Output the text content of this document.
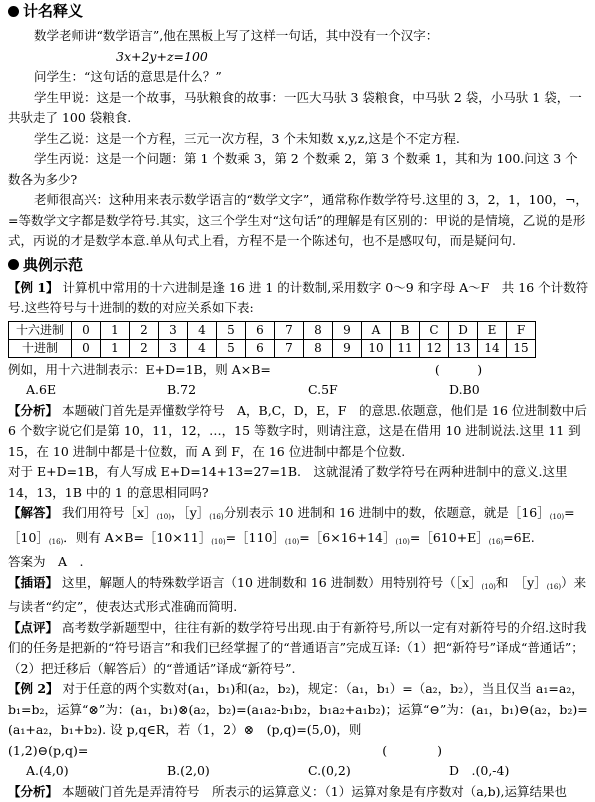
计名释义

数学老师讲“数学语言”,他在黑板上写了这样一句话，其中没有一个汉字：

3x+2y+z=100

问学生：“这句话的意思是什么？”

学生甲说：这是一个故事，马驮粮食的故事：一匹大马驮 3 袋粮食，中马驮 2 袋，小马驮 1 袋，一共驮走了 100 袋粮食.

学生乙说：这是一个方程，三元一次方程，3 个未知数 x,y,z,这是个不定方程.

学生丙说：这是一个问题：第 1 个数乘 3，第 2 个数乘 2，第 3 个数乘 1，其和为 100.问这 3 个数各为多少?

老师很高兴：这种用来表示数学语言的“数学文字”，通常称作数学符号.这里的 3，2，1，100，¬，=等数学文字都是数学符号.其实，这三个学生对“这句话”的理解是有区别的：甲说的是情境，乙说的是形式，丙说的才是数学本意.单从句式上看，方程不是一个陈述句，也不是感叹句，而是疑问句.

典例示范

【例 1】 计算机中常用的十六进制是逢 16 进 1 的计数制,采用数字 0～9 和字母 A～F　共 16 个计数符号.这些符号与十进制的数的对应关系如下表:

十六进制	0	1	2	3	4	5	6	7	8	9	A	B	C	D	E	F
十进制	0	1	2	3	4	5	6	7	8	9	10	11	12	13	14	15

例如，用十六进制表示：E+D=1B，则 A×B=	(　　　)

A.6E	B.72	C.5F	D.B0

【分析】 本题破门首先是弄懂数学符号　A，B,C，D，E，F　的意思.依题意，他们是 16 位进制数中后 6 个数字说它们是第 10，11，12，…，15 等数字时，则请注意，这是在借用 10 进制说法.这里 11 到 15，在 10 进制中都是十位数，而 A 到 F，在 16 位进制中都是个位数.

对于 E+D=1B，有人写成 E+D=14+13=27=1B.　这就混淆了数学符号在两种进制中的意义.这里 14，13，1B 中的 1 的意思相同吗?

【解答】 我们用符号$[x]_{(10)}$，$[y]_{(16)}$分别表示 10 进制和 16 进制中的数，依题意，就是$[16]_{(10)}=[10]_{(16)}$．则有 $A\times B=[10\times 11]_{(10)}=[110]_{(10)}=[6\times 16+14]_{(10)}=[610+E]_{(16)}=6E$.

答案为　A　.

【插语】 这里，解题人的特殊数学语言（10 进制数和 16 进制数）用特别符号（$[x]_{(10)}$和　$[y]_{(16)}$）来与读者“约定”，使表达式形式准确而简明.

【点评】 高考数学新题型中，往往有新的数学符号出现.由于有新符号,所以一定有对新符号的介绍.这时我们的任务是把新的“符号语言”和我们已经掌握了的“普通语言”完成互译:（1）把“新符号”译成“普通话”；（2）把迁移后（解答后）的“普通话”译成“新符号”.

【例 2】 对于任意的两个实数对(a₁，b₁)和(a₂，b₂)，规定：（a₁，b₁）=（a₂，b₂），当且仅当 a₁=a₂，b₁=b₂，运算“⊗”为：(a₁，b₁)⊗(a₂，b₂)=(a₁a₂-b₁b₂，b₁a₂+a₁b₂)；运算“⊖”为：(a₁，b₁)⊖(a₂，b₂)=(a₁+a₂，b₁+b₂). 设 p,q∈R，若（1，2）⊗　(p,q)=(5,0)，则

(1,2)⊖(p,q)=	(　　　　)

A.(4,0)	B.(2,0)	C.(0,2)	D　.(0,-4)

【分析】 本题破门首先是弄清符号　所表示的运算意义：（1）运算对象是有序数对（a,b),运算结果也
